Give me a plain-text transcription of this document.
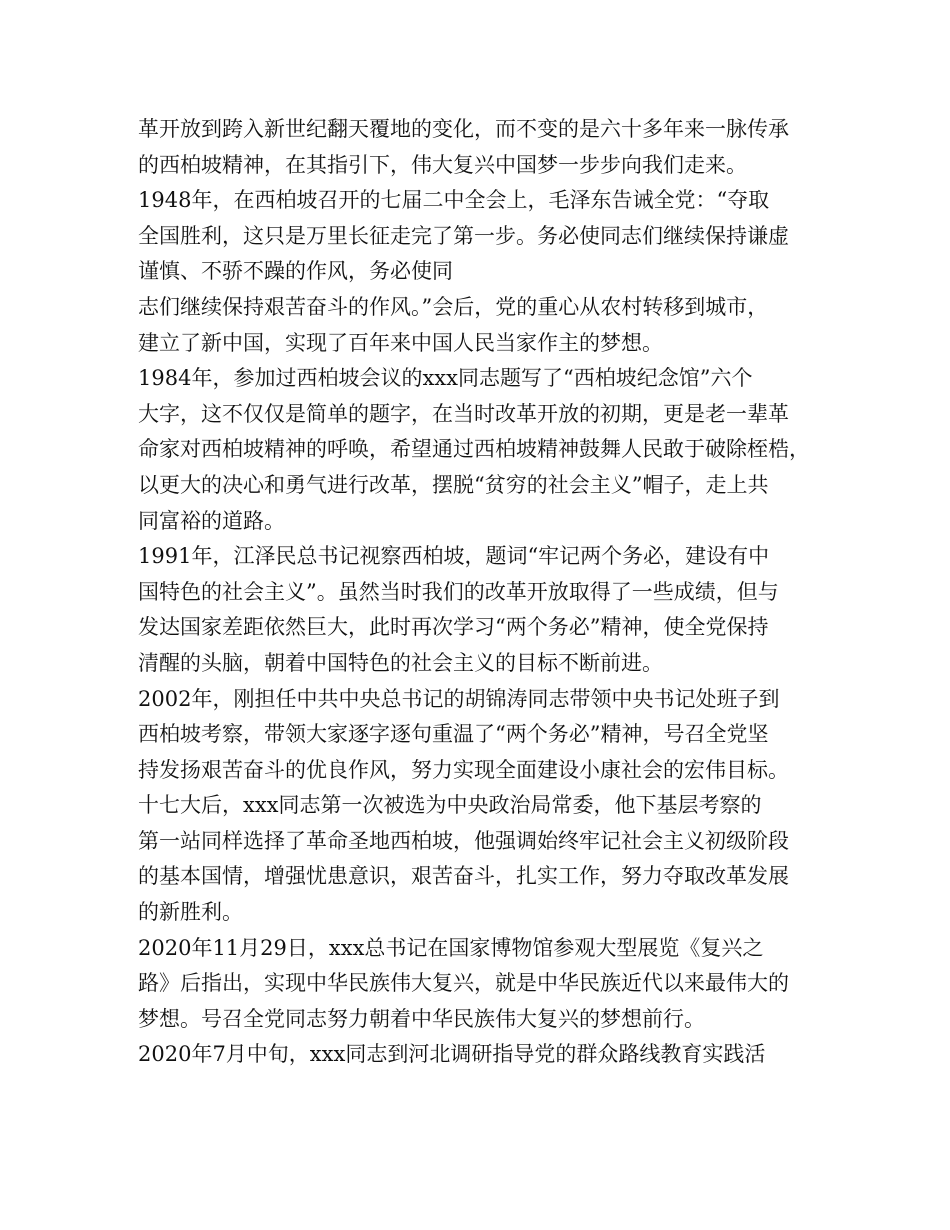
革开放到跨入新世纪翻天覆地的变化，而不变的是六十多年来一脉传承
的西柏坡精神，在其指引下，伟大复兴中国梦一步步向我们走来。
1948年，在西柏坡召开的七届二中全会上，毛泽东告诫全党：“夺取
全国胜利，这只是万里长征走完了第一步。务必使同志们继续保持谦虚
谨慎、不骄不躁的作风，务必使同
志们继续保持艰苦奋斗的作风。”会后，党的重心从农村转移到城市，
建立了新中国，实现了百年来中国人民当家作主的梦想。
1984年，参加过西柏坡会议的xxx同志题写了“西柏坡纪念馆”六个
大字，这不仅仅是简单的题字，在当时改革开放的初期，更是老一辈革
命家对西柏坡精神的呼唤，希望通过西柏坡精神鼓舞人民敢于破除桎梏，
以更大的决心和勇气进行改革，摆脱“贫穷的社会主义”帽子，走上共
同富裕的道路。
1991年，江泽民总书记视察西柏坡，题词“牢记两个务必，建设有中
国特色的社会主义”。虽然当时我们的改革开放取得了一些成绩，但与
发达国家差距依然巨大，此时再次学习“两个务必”精神，使全党保持
清醒的头脑，朝着中国特色的社会主义的目标不断前进。
2002年，刚担任中共中央总书记的胡锦涛同志带领中央书记处班子到
西柏坡考察，带领大家逐字逐句重温了“两个务必”精神，号召全党坚
持发扬艰苦奋斗的优良作风，努力实现全面建设小康社会的宏伟目标。
十七大后，xxx同志第一次被选为中央政治局常委，他下基层考察的
第一站同样选择了革命圣地西柏坡，他强调始终牢记社会主义初级阶段
的基本国情，增强忧患意识，艰苦奋斗，扎实工作，努力夺取改革发展
的新胜利。
2020年11月29日，xxx总书记在国家博物馆参观大型展览《复兴之
路》后指出，实现中华民族伟大复兴，就是中华民族近代以来最伟大的
梦想。号召全党同志努力朝着中华民族伟大复兴的梦想前行。
2020年7月中旬，xxx同志到河北调研指导党的群众路线教育实践活
